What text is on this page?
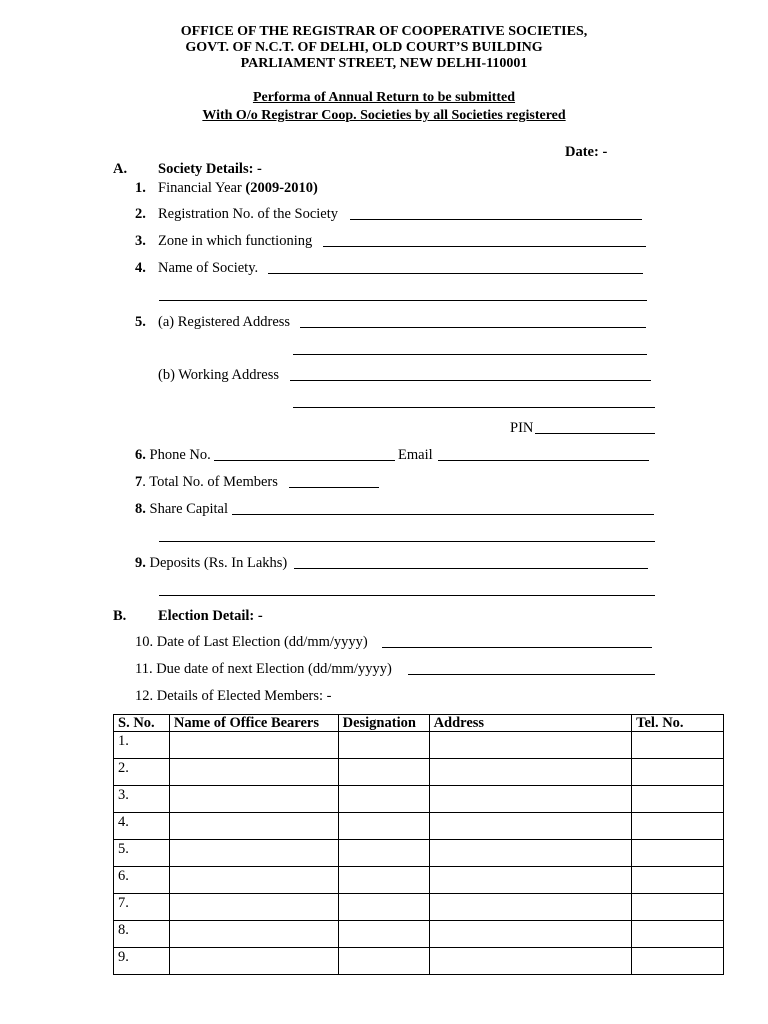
OFFICE OF THE REGISTRAR OF COOPERATIVE SOCIETIES,
GOVT. OF N.C.T. OF DELHI, OLD COURT’S BUILDING
PARLIAMENT STREET, NEW DELHI-110001
Performa of Annual Return to be submitted
With O/o Registrar Coop. Societies by all Societies registered
Date: -
A. Society Details: -
1. Financial Year (2009-2010)
2. Registration No. of the Society
3. Zone in which functioning
4. Name of Society.
5. (a) Registered Address
(b) Working Address
PIN
6. Phone No.	Email
7. Total No. of Members
8. Share Capital
9. Deposits (Rs. In Lakhs)
B. Election Detail: -
10. Date of Last Election (dd/mm/yyyy)
11. Due date of next Election (dd/mm/yyyy)
12. Details of Elected Members: -
S. No.	Name of Office Bearers	Designation	Address	Tel. No.
1.				
2.				
3.				
4.				
5.				
6.				
7.				
8.				
9.				
